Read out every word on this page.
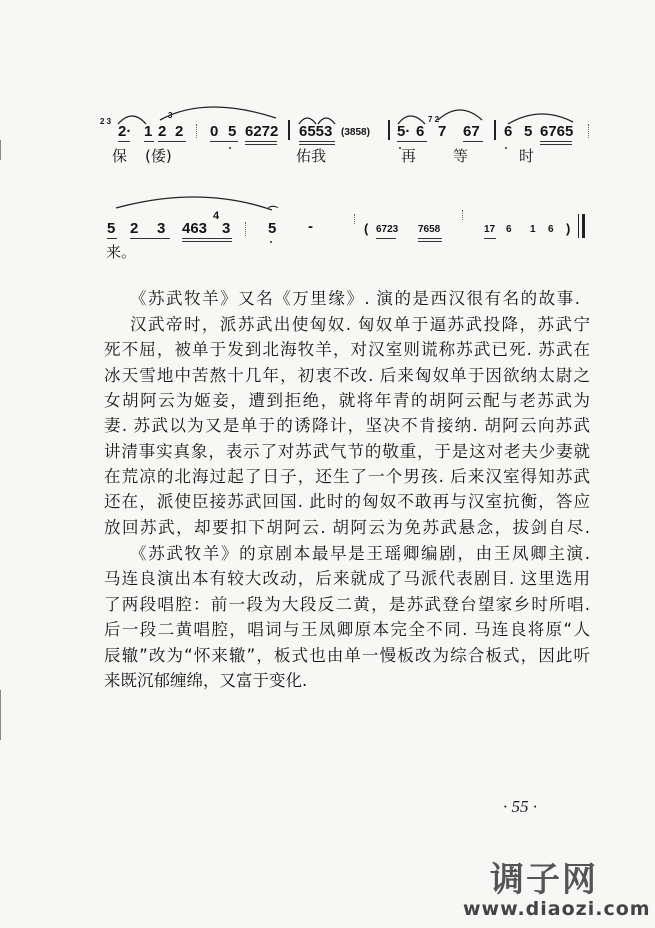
2 3
2· 1 2
3
2 0 5 6272 6553 (3858) 5· 6
7 2
7 67 6 5 6765
保 (倭)	佑我	再 等	时
5 2 3 463
4
3
⌒
5 -	( 6723 7658	17 6 1 6 )
来。
《苏武牧羊》又名《万里缘》. 演的是西汉很有名的故事.
汉武帝时，派苏武出使匈奴. 匈奴单于逼苏武投降，苏武宁
死不屈，被单于发到北海牧羊，对汉室则谎称苏武已死. 苏武在
冰天雪地中苦熬十几年，初衷不改. 后来匈奴单于因欲纳太尉之
女胡阿云为姬妾，遭到拒绝，就将年青的胡阿云配与老苏武为
妻. 苏武以为又是单于的诱降计，坚决不肯接纳. 胡阿云向苏武
讲清事实真象，表示了对苏武气节的敬重，于是这对老夫少妻就
在荒凉的北海过起了日子，还生了一个男孩. 后来汉室得知苏武
还在，派使臣接苏武回国. 此时的匈奴不敢再与汉室抗衡，答应
放回苏武，却要扣下胡阿云. 胡阿云为免苏武悬念，拔剑自尽.
《苏武牧羊》的京剧本最早是王瑶卿编剧，由王凤卿主演.
马连良演出本有较大改动，后来就成了马派代表剧目. 这里选用
了两段唱腔：前一段为大段反二黄，是苏武登台望家乡时所唱.
后一段二黄唱腔，唱词与王凤卿原本完全不同. 马连良将原“人
辰辙”改为“怀来辙”，板式也由单一慢板改为综合板式，因此听
来既沉郁缠绵，又富于变化.
· 55 ·
调子网
www.diaozi.com
